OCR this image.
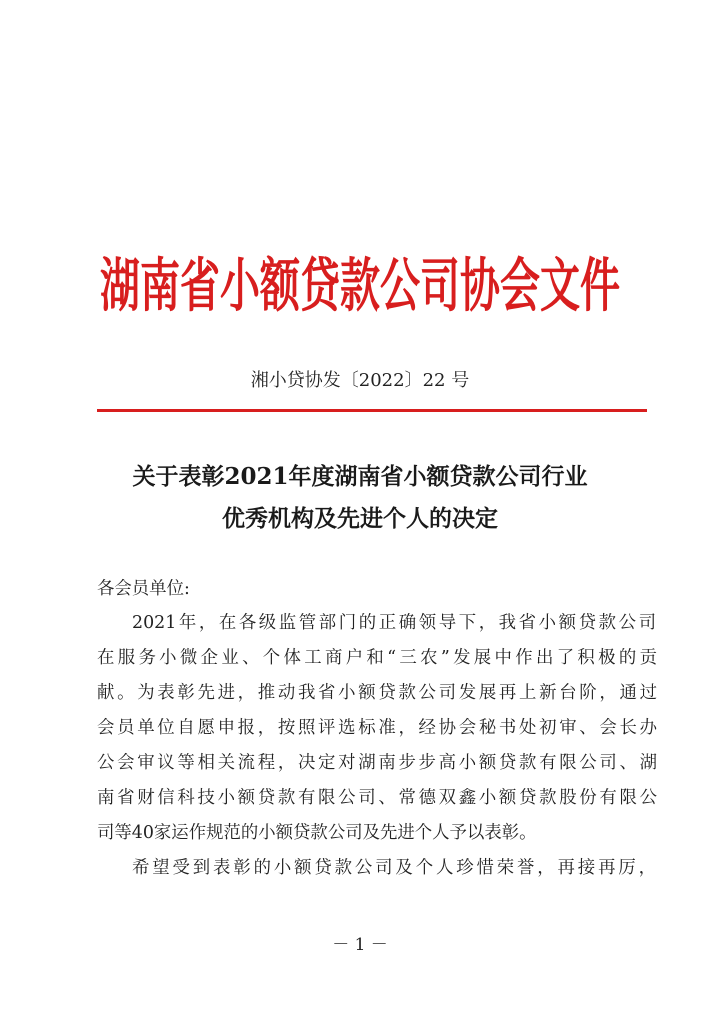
湖南省小额贷款公司协会文件
湘小贷协发〔2022〕22 号
关于表彰2021年度湖南省小额贷款公司行业
优秀机构及先进个人的决定
各会员单位:
2021年，在各级监管部门的正确领导下，我省小额贷款公司
在服务小微企业、个体工商户和“三农”发展中作出了积极的贡
献。为表彰先进，推动我省小额贷款公司发展再上新台阶，通过
会员单位自愿申报，按照评选标准，经协会秘书处初审、会长办
公会审议等相关流程，决定对湖南步步高小额贷款有限公司、湖
南省财信科技小额贷款有限公司、常德双鑫小额贷款股份有限公
司等40家运作规范的小额贷款公司及先进个人予以表彰。
希望受到表彰的小额贷款公司及个人珍惜荣誉，再接再厉，
－ 1 －
